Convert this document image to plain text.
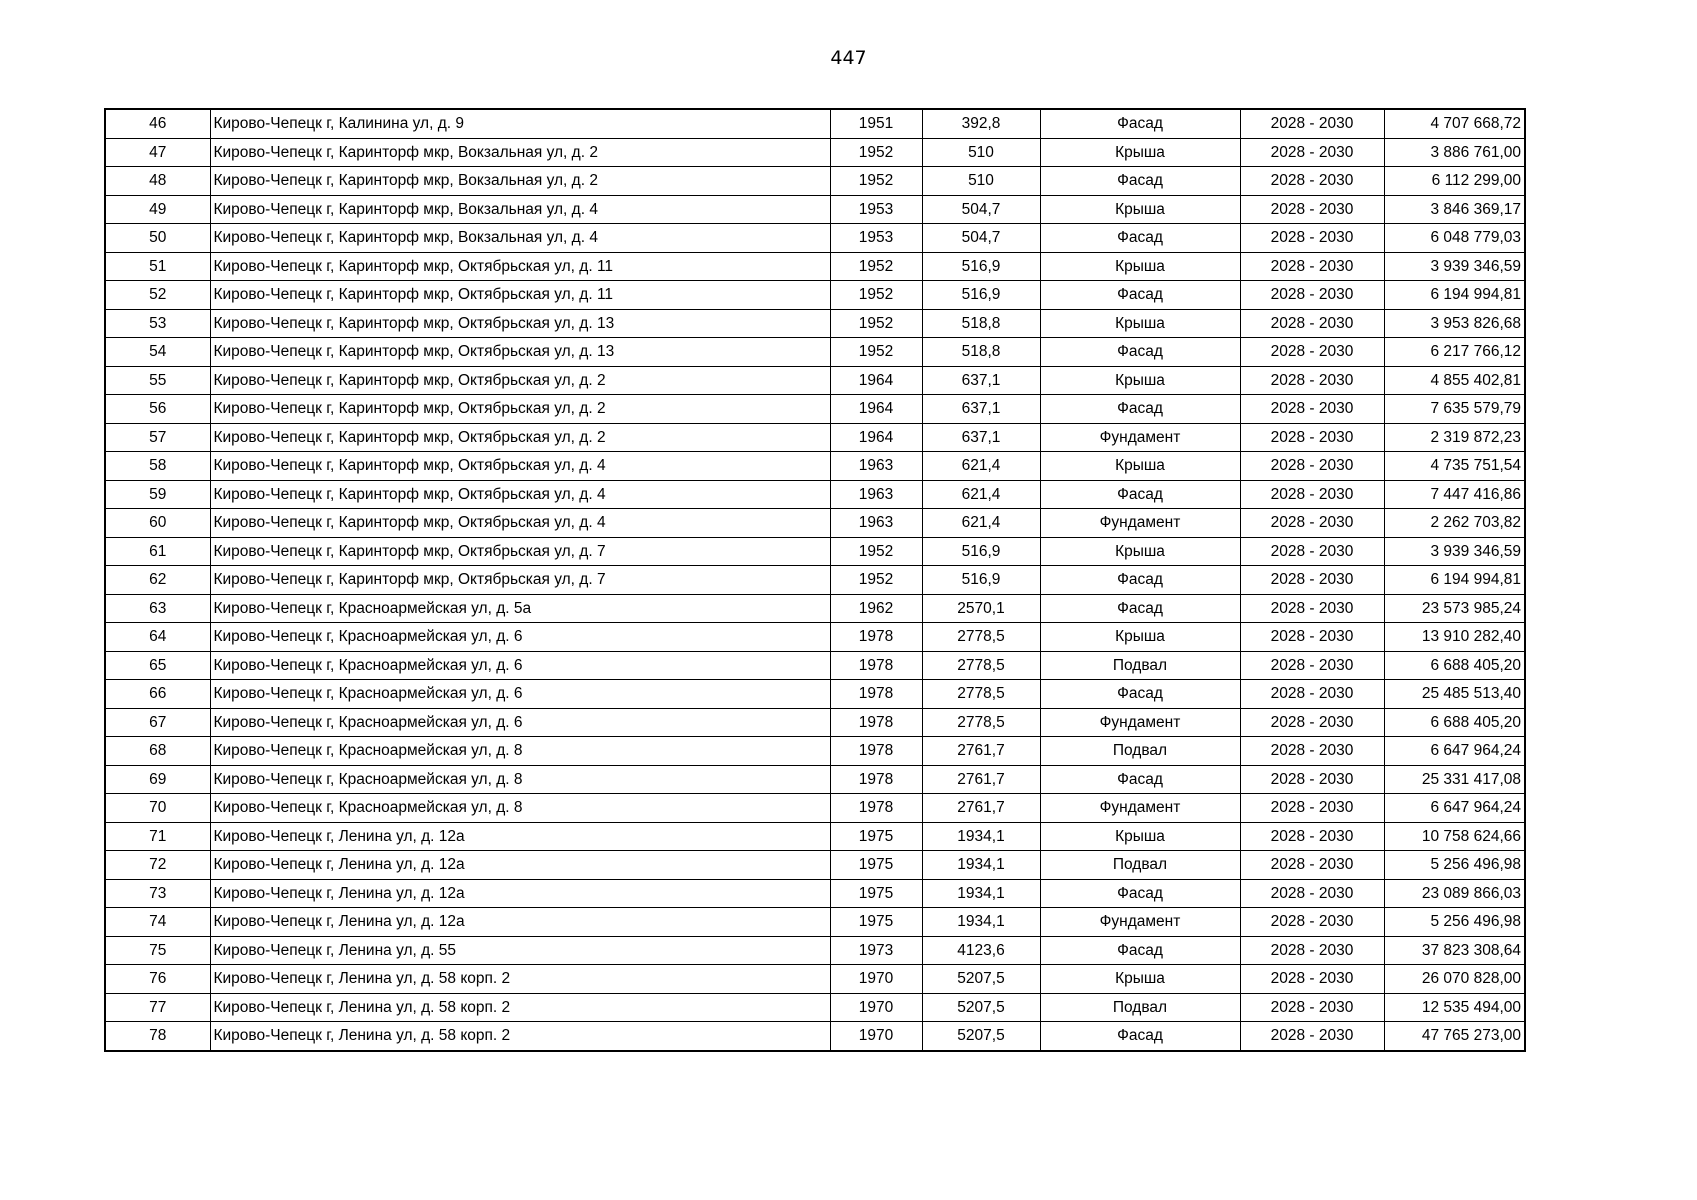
447
46	Кирово-Чепецк г, Калинина ул, д. 9	1951	392,8	Фасад	2028 - 2030	4 707 668,72
47	Кирово-Чепецк г, Каринторф мкр, Вокзальная ул, д. 2	1952	510	Крыша	2028 - 2030	3 886 761,00
48	Кирово-Чепецк г, Каринторф мкр, Вокзальная ул, д. 2	1952	510	Фасад	2028 - 2030	6 112 299,00
49	Кирово-Чепецк г, Каринторф мкр, Вокзальная ул, д. 4	1953	504,7	Крыша	2028 - 2030	3 846 369,17
50	Кирово-Чепецк г, Каринторф мкр, Вокзальная ул, д. 4	1953	504,7	Фасад	2028 - 2030	6 048 779,03
51	Кирово-Чепецк г, Каринторф мкр, Октябрьская ул, д. 11	1952	516,9	Крыша	2028 - 2030	3 939 346,59
52	Кирово-Чепецк г, Каринторф мкр, Октябрьская ул, д. 11	1952	516,9	Фасад	2028 - 2030	6 194 994,81
53	Кирово-Чепецк г, Каринторф мкр, Октябрьская ул, д. 13	1952	518,8	Крыша	2028 - 2030	3 953 826,68
54	Кирово-Чепецк г, Каринторф мкр, Октябрьская ул, д. 13	1952	518,8	Фасад	2028 - 2030	6 217 766,12
55	Кирово-Чепецк г, Каринторф мкр, Октябрьская ул, д. 2	1964	637,1	Крыша	2028 - 2030	4 855 402,81
56	Кирово-Чепецк г, Каринторф мкр, Октябрьская ул, д. 2	1964	637,1	Фасад	2028 - 2030	7 635 579,79
57	Кирово-Чепецк г, Каринторф мкр, Октябрьская ул, д. 2	1964	637,1	Фундамент	2028 - 2030	2 319 872,23
58	Кирово-Чепецк г, Каринторф мкр, Октябрьская ул, д. 4	1963	621,4	Крыша	2028 - 2030	4 735 751,54
59	Кирово-Чепецк г, Каринторф мкр, Октябрьская ул, д. 4	1963	621,4	Фасад	2028 - 2030	7 447 416,86
60	Кирово-Чепецк г, Каринторф мкр, Октябрьская ул, д. 4	1963	621,4	Фундамент	2028 - 2030	2 262 703,82
61	Кирово-Чепецк г, Каринторф мкр, Октябрьская ул, д. 7	1952	516,9	Крыша	2028 - 2030	3 939 346,59
62	Кирово-Чепецк г, Каринторф мкр, Октябрьская ул, д. 7	1952	516,9	Фасад	2028 - 2030	6 194 994,81
63	Кирово-Чепецк г, Красноармейская ул, д. 5а	1962	2570,1	Фасад	2028 - 2030	23 573 985,24
64	Кирово-Чепецк г, Красноармейская ул, д. 6	1978	2778,5	Крыша	2028 - 2030	13 910 282,40
65	Кирово-Чепецк г, Красноармейская ул, д. 6	1978	2778,5	Подвал	2028 - 2030	6 688 405,20
66	Кирово-Чепецк г, Красноармейская ул, д. 6	1978	2778,5	Фасад	2028 - 2030	25 485 513,40
67	Кирово-Чепецк г, Красноармейская ул, д. 6	1978	2778,5	Фундамент	2028 - 2030	6 688 405,20
68	Кирово-Чепецк г, Красноармейская ул, д. 8	1978	2761,7	Подвал	2028 - 2030	6 647 964,24
69	Кирово-Чепецк г, Красноармейская ул, д. 8	1978	2761,7	Фасад	2028 - 2030	25 331 417,08
70	Кирово-Чепецк г, Красноармейская ул, д. 8	1978	2761,7	Фундамент	2028 - 2030	6 647 964,24
71	Кирово-Чепецк г, Ленина ул, д. 12а	1975	1934,1	Крыша	2028 - 2030	10 758 624,66
72	Кирово-Чепецк г, Ленина ул, д. 12а	1975	1934,1	Подвал	2028 - 2030	5 256 496,98
73	Кирово-Чепецк г, Ленина ул, д. 12а	1975	1934,1	Фасад	2028 - 2030	23 089 866,03
74	Кирово-Чепецк г, Ленина ул, д. 12а	1975	1934,1	Фундамент	2028 - 2030	5 256 496,98
75	Кирово-Чепецк г, Ленина ул, д. 55	1973	4123,6	Фасад	2028 - 2030	37 823 308,64
76	Кирово-Чепецк г, Ленина ул, д. 58 корп. 2	1970	5207,5	Крыша	2028 - 2030	26 070 828,00
77	Кирово-Чепецк г, Ленина ул, д. 58 корп. 2	1970	5207,5	Подвал	2028 - 2030	12 535 494,00
78	Кирово-Чепецк г, Ленина ул, д. 58 корп. 2	1970	5207,5	Фасад	2028 - 2030	47 765 273,00
